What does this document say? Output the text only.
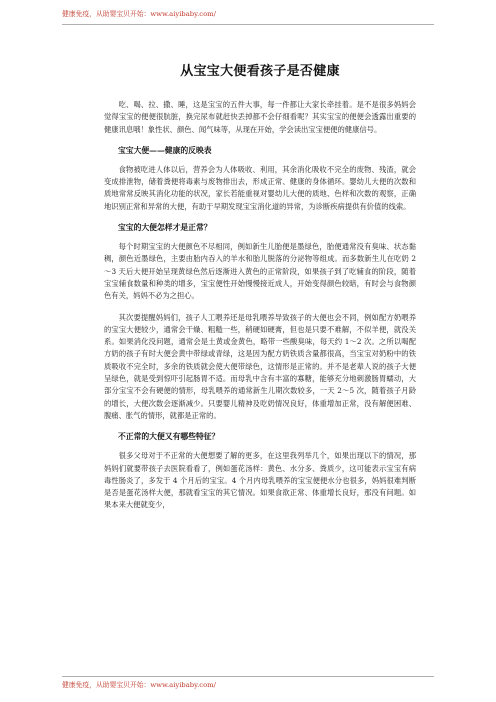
健康免疫，从助婴宝贝开始：www.aiyibaby.com/
从宝宝大便看孩子是否健康

吃、喝、拉、撒、睡，这是宝宝的五件大事，每一件都让大家长牵挂着。是不是很多妈妈会觉得宝宝的便便很肮脏，换完尿布就赶快丢掉都不会仔细看呢？其实宝宝的便便会透露出重要的健康讯息哦！象性状、颜色、闻气味等，从现在开始，学会读出宝宝便便的健康信号。

宝宝大便——健康的反映表

食物被吃进人体以后，营养会为人体吸收、利用，其余消化吸收不完全的废物、残渣，就会变成排泄物，储着粪便将毒素与废物排出去，形成正常、健康的身体循环。婴幼儿大便的次数和质地常常反映其消化功能的状况，家长若能重视对婴幼儿大便的质地、色样和次数的观察，正确地识别正常和异常的大便，有助于早期发现宝宝消化道的异常，为诊断疾病提供有价值的线索。

宝宝的大便怎样才是正常？

每个时期宝宝的大便颜色不尽相同，例如新生儿胎便是墨绿色，胎便通常没有臭味、状态黏稠，颜色近墨绿色，主要由胎内吞入的羊水和胎儿脱落的分泌物等组成。而多数新生儿在吃奶 2～3 天后大便开始呈现黄绿色然后逐渐进入黄色的正常阶段，如果孩子到了吃辅食的阶段，随着宝宝辅食数量和种类的增多，宝宝便性开始慢慢接近成人，开始变得颜色较暗，有时会与食物颜色有关，妈妈不必为之担心。

其次要提醒妈妈们，孩子人工喂养还是母乳喂养导致孩子的大便也会不同，例如配方奶喂养的宝宝大便较少，通常会干燥、粗糙一些，稍硬如硬膏，但也是只要不难解，不似羊便，就没关系。如果消化没问题，通常会是土黄或金黄色，略带一些酸臭味，每天约 1～2 次。之所以喝配方奶的孩子有时大便会黄中带绿或青绿，这是因为配方奶铁质含量都很高，当宝宝对奶粉中的铁质吸收不完全时，多余的铁质就会使大便带绿色，这情形是正常的。并不是老辈人说的孩子大便呈绿色，就是受到惊吓引起肠胃不适。而母乳中含有丰富的寡糖，能够充分地刺激肠胃蠕动，大部分宝宝不会有硬便的情形，母乳喂养的通常新生儿期次数较多，一天 2～5 次，随着孩子月龄的增长，大便次数会逐渐减少。只要婴儿精神及吃奶情况良好，体重增加正常，没有解便困难、腹痛、胀气的情形，就都是正常的。

不正常的大便又有哪些特征？

很多父母对于不正常的大便想要了解的更多，在这里我列举几个，如果出现以下的情况，那妈妈们就要带孩子去医院看看了，例如蛋花汤样：黄色、水分多、粪质少，这可能表示宝宝有病毒性肠炎了，多发于 4 个月后的宝宝。4 个月内母乳喂养的宝宝便便水分也很多，妈妈很难判断是否是蛋花汤样大便，那就看宝宝的其它情况。如果食欲正常、体重增长良好，那没有问题。如果本来大便就变少，

健康免疫，从助婴宝贝开始：www.aiyibaby.com/
